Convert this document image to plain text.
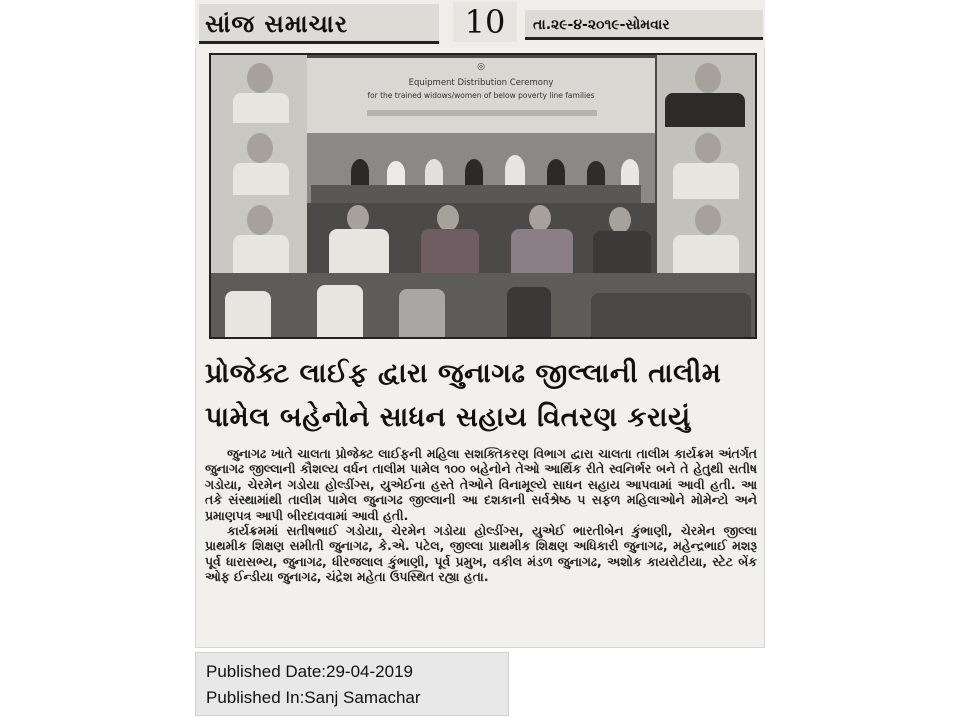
સાંજ સમાચાર	10	તા.૨૯-૪-૨૦૧૯-સોમવાર
◎
Equipment Distribution Ceremony
for the trained widows/women of below poverty line families
પ્રોજેક્ટ લાઈફ દ્વારા જુનાગઢ જીલ્લાની તાલીમ
પામેલ બહેનોને સાધન સહાય વિતરણ કરાયું

જુનાગઢ ખાતે ચાલતા પ્રોજેક્ટ લાઈફની મહિલા સશક્તિકરણ વિભાગ દ્વારા ચાલતા તાલીમ કાર્યક્રમ અંતર્ગત જુનાગઢ જીલ્લાની કૌશલ્ય વર્ધન તાલીમ પામેલ ૧૦૦ બહેનોને તેઓ આર્થિક રીતે સ્વનિર્ભર બને તે હેતુથી સતીષ ગડોયા, ચેરમેન ગડોયા હોલ્ડીંગ્સ, યુએઈના હસ્તે તેઓને વિનામૂલ્યે સાધન સહાય આપવામાં આવી હતી. આ તકે સંસ્થામાંથી તાલીમ પામેલ જુનાગઢ જીલ્લાની આ દશકાની સર્વશ્રેષ્ઠ ૫ સફળ મહિલાઓને મોમેન્ટો અને પ્રમાણપત્ર આપી બીરદાવવામાં આવી હતી.

કાર્યક્રમમાં સતીષભાઈ ગડોયા, ચેરમેન ગડોયા હોલ્ડીંગ્સ, યુએઈ ભારતીબેન કુંભાણી, ચેરમેન જીલ્લા પ્રાથમીક શિક્ષણ સમીતી જુનાગઢ, કે.એ. પટેલ, જીલ્લા પ્રાથમીક શિક્ષણ અધિકારી જુનાગઢ, મહેન્દ્રભાઈ મશરૂ પૂર્વ ધારાસભ્ય, જુનાગઢ, ધીરજલાલ કુંભાણી, પૂર્વ પ્રમુખ, વકીલ મંડળ જુનાગઢ, અશોક કાયરોટીયા, સ્ટેટ બેંક ઓફ ઈન્ડીયા જુનાગઢ, ચંદ્રેશ મહેતા ઉપસ્થિત રહ્યા હતા.

Published Date:29-04-2019
Published In:Sanj Samachar
